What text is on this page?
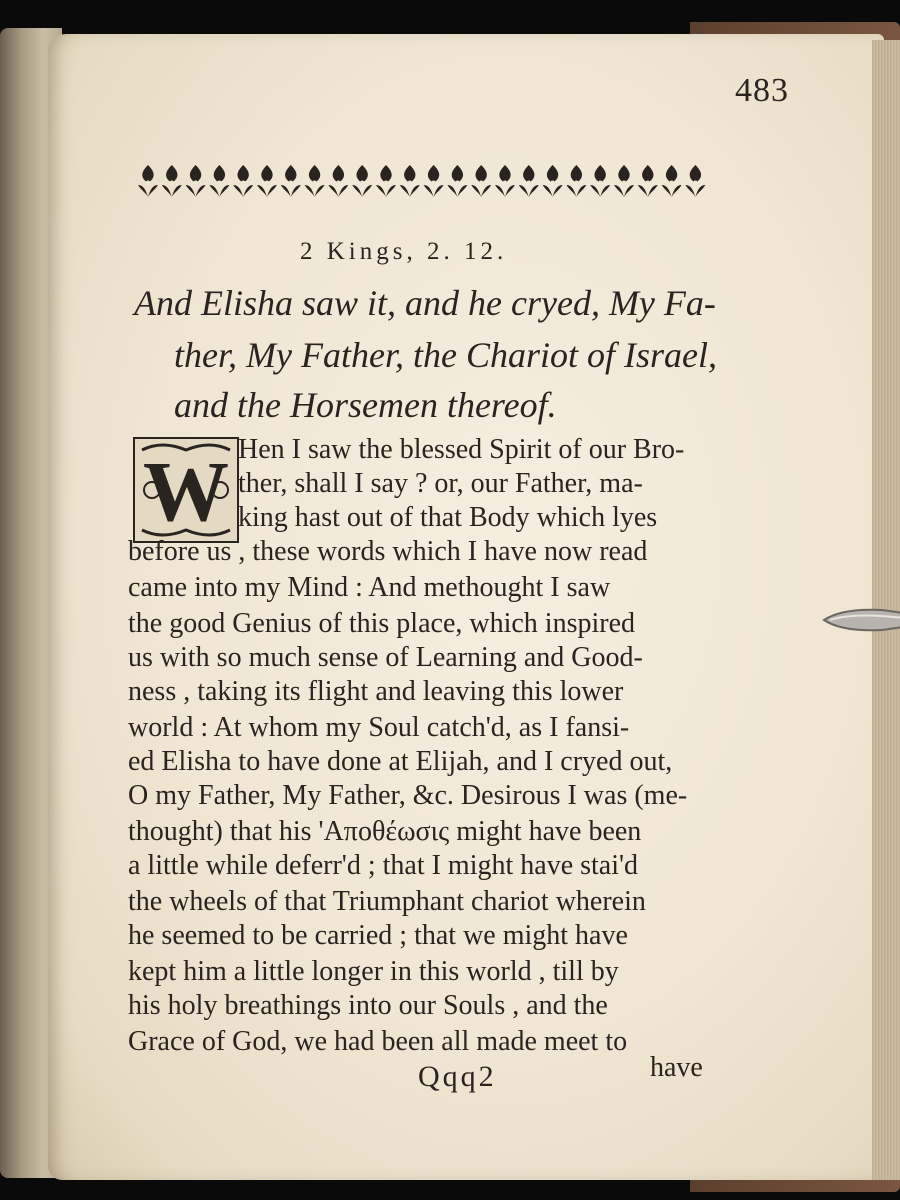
483
2 Kings, 2. 12.
And Elisha saw it, and he cryed, My Fa-
ther, My Father, the Chariot of Israel,
and the Horsemen thereof.
W Hen I saw the blessed Spirit of our Bro-
ther, shall I say ? or, our Father, ma-
king hast out of that Body which lyes
before us , these words which I have now read
came into my Mind : And methought I saw
the good Genius of this place, which inspired
us with so much sense of Learning and Good-
ness , taking its flight and leaving this lower
world : At whom my Soul catch'd, as I fansi-
ed Elisha to have done at Elijah, and I cryed out,
O my Father, My Father, &c. Desirous I was (me-
thought) that his 'Αποθέωσις might have been
a little while deferr'd ; that I might have stai'd
the wheels of that Triumphant chariot wherein
he seemed to be carried ; that we might have
kept him a little longer in this world , till by
his holy breathings into our Souls , and the
Grace of God, we had been all made meet to
Qqq2	have
